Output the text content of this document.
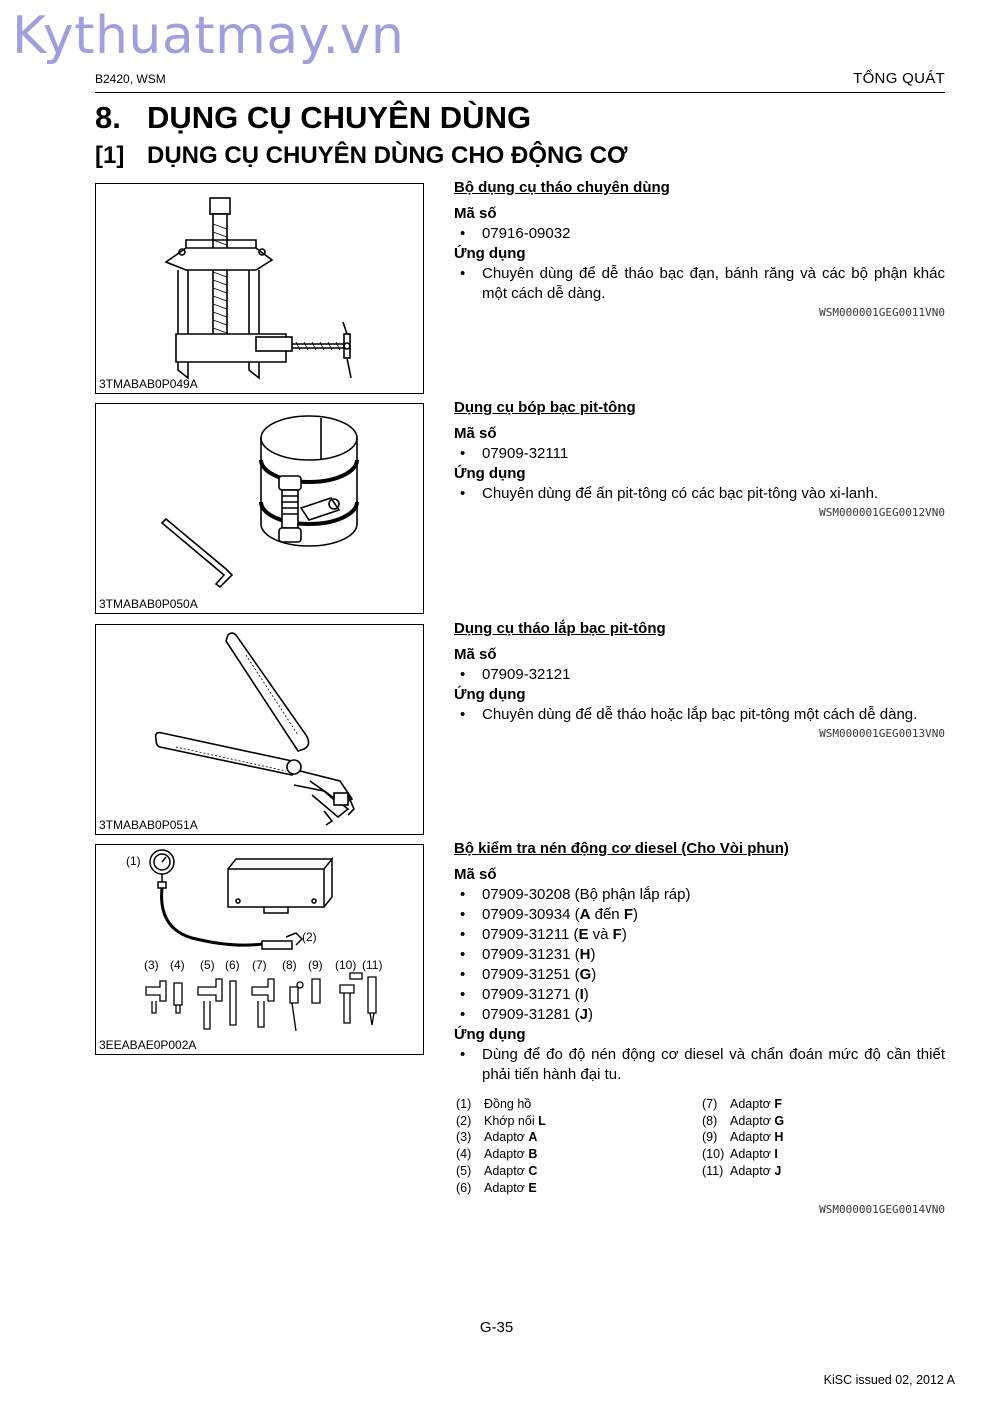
Kythuatmay.vn
B2420, WSM	TỔNG QUÁT
8. DỤNG CỤ CHUYÊN DÙNG
[1] DỤNG CỤ CHUYÊN DÙNG CHO ĐỘNG CƠ
3TMABAB0P049A
3TMABAB0P050A
3TMABAB0P051A
(1)
(2)
(3) (4) (5) (6) (7) (8) (9) (10) (11)
3EEABAE0P002A
Bộ dụng cụ tháo chuyên dùng
Mã số
• 07916-09032
Ứng dụng
• Chuyên dùng để dễ tháo bạc đạn, bánh răng và các bộ phận khác một cách dễ dàng.
WSM000001GEG0011VN0
Dụng cụ bóp bạc pit-tông
Mã số
• 07909-32111
Ứng dụng
• Chuyên dùng để ấn pit-tông có các bạc pit-tông vào xi-lanh.
WSM000001GEG0012VN0
Dụng cụ tháo lắp bạc pit-tông
Mã số
• 07909-32121
Ứng dụng
• Chuyên dùng để dễ tháo hoặc lắp bạc pit-tông một cách dễ dàng.
WSM000001GEG0013VN0
Bộ kiểm tra nén động cơ diesel (Cho Vòi phun)
Mã số
• 07909-30208 (Bộ phận lắp ráp)
• 07909-30934 (A đến F)
• 07909-31211 (E và F)
• 07909-31231 (H)
• 07909-31251 (G)
• 07909-31271 (I)
• 07909-31281 (J)
Ứng dụng
• Dùng để đo độ nén động cơ diesel và chẩn đoán mức độ cần thiết phải tiến hành đại tu.
(1) Đồng hồ
(2) Khớp nối L
(3) Adaptơ A
(4) Adaptơ B
(5) Adaptơ C
(6) Adaptơ E
(7) Adaptơ F
(8) Adaptơ G
(9) Adaptơ H
(10) Adaptơ I
(11) Adaptơ J
WSM000001GEG0014VN0
G-35
KiSC issued 02, 2012 A
